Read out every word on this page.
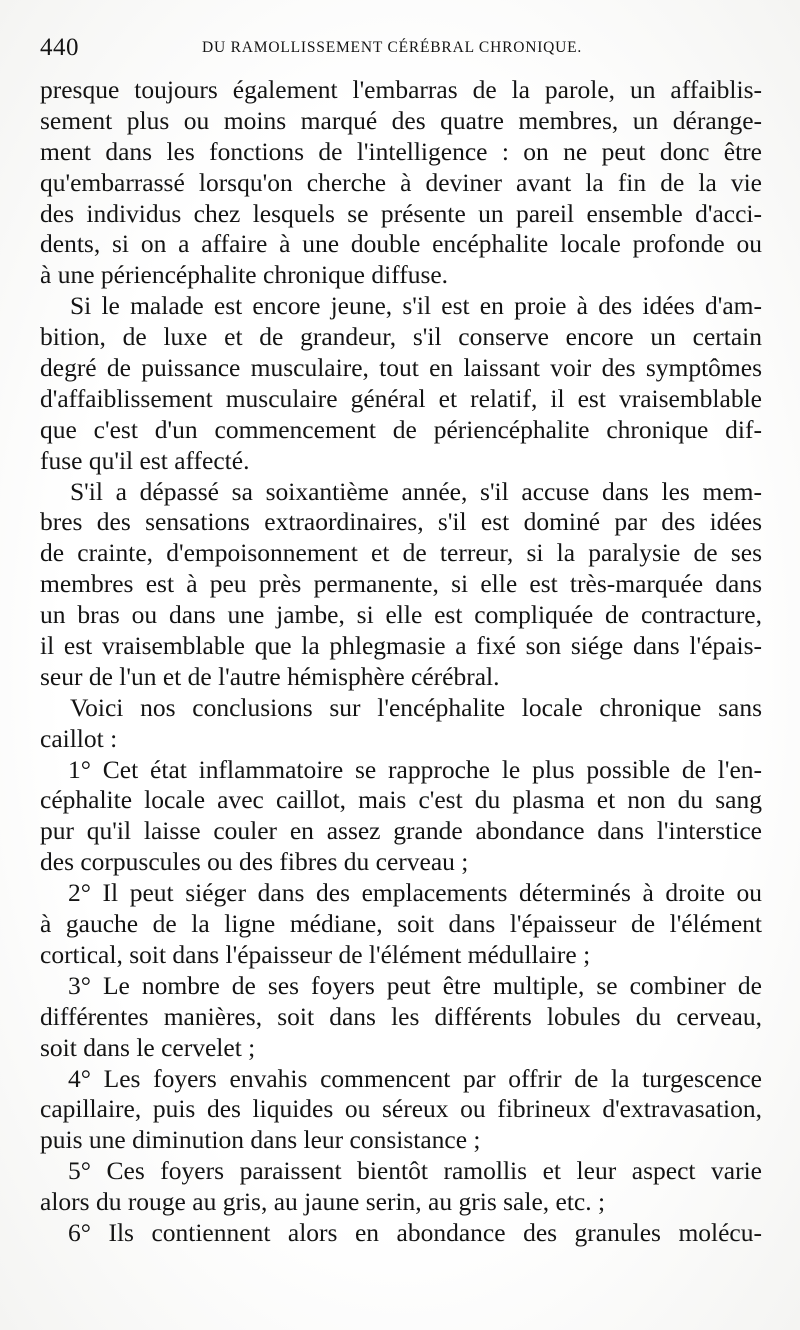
440	DU RAMOLLISSEMENT CÉRÉBRAL CHRONIQUE.
presque toujours également l'embarras de la parole, un affaiblis-
sement plus ou moins marqué des quatre membres, un dérange-
ment dans les fonctions de l'intelligence : on ne peut donc être
qu'embarrassé lorsqu'on cherche à deviner avant la fin de la vie
des individus chez lesquels se présente un pareil ensemble d'acci-
dents, si on a affaire à une double encéphalite locale profonde ou
à une périencéphalite chronique diffuse.
Si le malade est encore jeune, s'il est en proie à des idées d'am-
bition, de luxe et de grandeur, s'il conserve encore un certain
degré de puissance musculaire, tout en laissant voir des symptômes
d'affaiblissement musculaire général et relatif, il est vraisemblable
que c'est d'un commencement de périencéphalite chronique dif-
fuse qu'il est affecté.
S'il a dépassé sa soixantième année, s'il accuse dans les mem-
bres des sensations extraordinaires, s'il est dominé par des idées
de crainte, d'empoisonnement et de terreur, si la paralysie de ses
membres est à peu près permanente, si elle est très-marquée dans
un bras ou dans une jambe, si elle est compliquée de contracture,
il est vraisemblable que la phlegmasie a fixé son siége dans l'épais-
seur de l'un et de l'autre hémisphère cérébral.
Voici nos conclusions sur l'encéphalite locale chronique sans
caillot :
1° Cet état inflammatoire se rapproche le plus possible de l'en-
céphalite locale avec caillot, mais c'est du plasma et non du sang
pur qu'il laisse couler en assez grande abondance dans l'interstice
des corpuscules ou des fibres du cerveau ;
2° Il peut siéger dans des emplacements déterminés à droite ou
à gauche de la ligne médiane, soit dans l'épaisseur de l'élément
cortical, soit dans l'épaisseur de l'élément médullaire ;
3° Le nombre de ses foyers peut être multiple, se combiner de
différentes manières, soit dans les différents lobules du cerveau,
soit dans le cervelet ;
4° Les foyers envahis commencent par offrir de la turgescence
capillaire, puis des liquides ou séreux ou fibrineux d'extravasation,
puis une diminution dans leur consistance ;
5° Ces foyers paraissent bientôt ramollis et leur aspect varie
alors du rouge au gris, au jaune serin, au gris sale, etc. ;
6° Ils contiennent alors en abondance des granules molécu-
